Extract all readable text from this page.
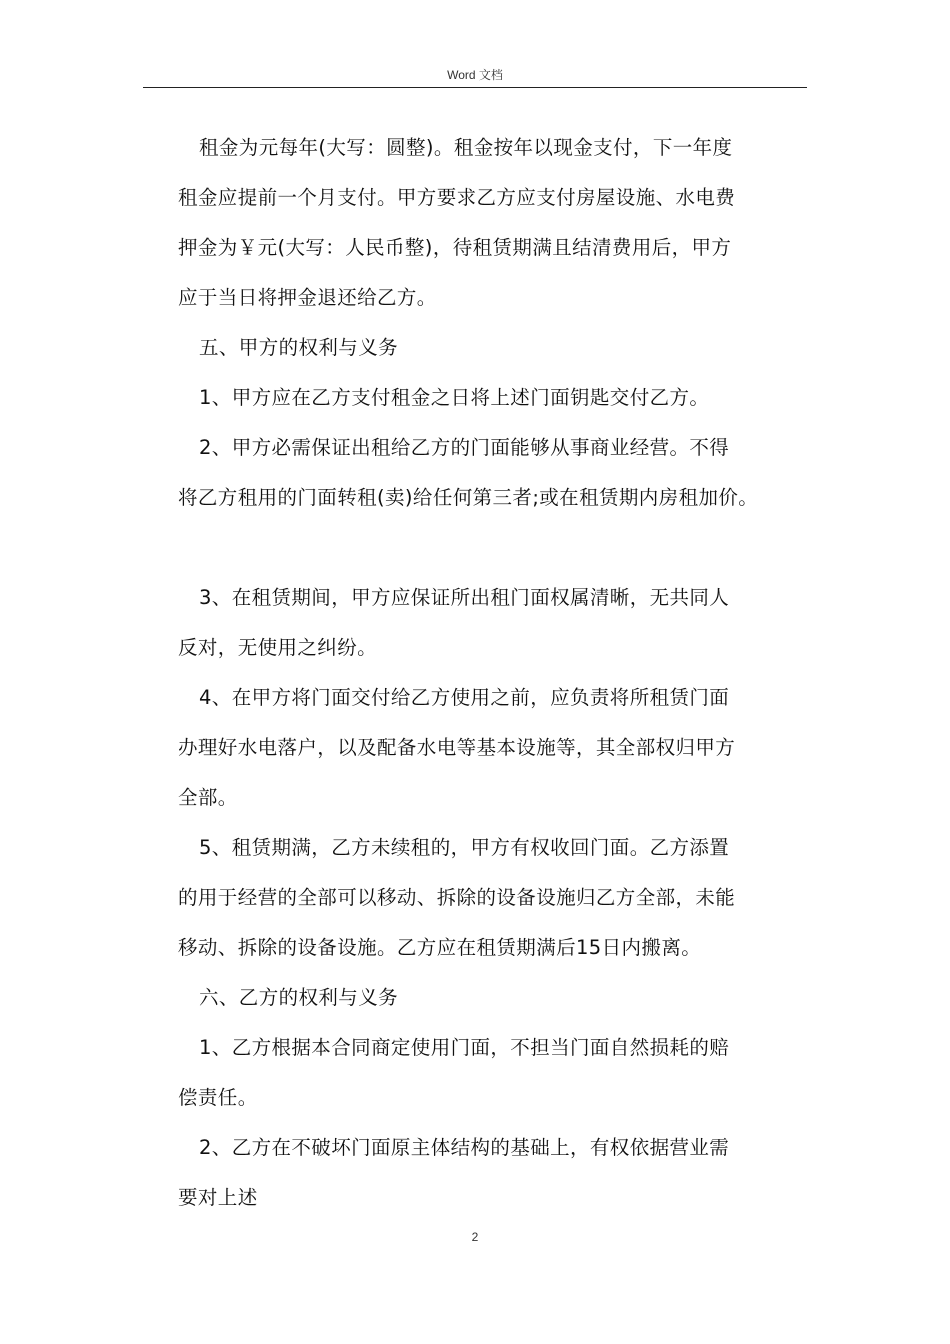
Word 文档
租金为元每年(大写：圆整)。租金按年以现金支付，下一年度
租金应提前一个月支付。甲方要求乙方应支付房屋设施、水电费
押金为￥元(大写：人民币整)，待租赁期满且结清费用后，甲方
应于当日将押金退还给乙方。
五、甲方的权利与义务
1、甲方应在乙方支付租金之日将上述门面钥匙交付乙方。
2、甲方必需保证出租给乙方的门面能够从事商业经营。不得
将乙方租用的门面转租(卖)给任何第三者;或在租赁期内房租加价。
3、在租赁期间，甲方应保证所出租门面权属清晰，无共同人
反对，无使用之纠纷。
4、在甲方将门面交付给乙方使用之前，应负责将所租赁门面
办理好水电落户，以及配备水电等基本设施等，其全部权归甲方
全部。
5、租赁期满，乙方未续租的，甲方有权收回门面。乙方添置
的用于经营的全部可以移动、拆除的设备设施归乙方全部，未能
移动、拆除的设备设施。乙方应在租赁期满后15日内搬离。
六、乙方的权利与义务
1、乙方根据本合同商定使用门面，不担当门面自然损耗的赔
偿责任。
2、乙方在不破坏门面原主体结构的基础上，有权依据营业需
要对上述
2
